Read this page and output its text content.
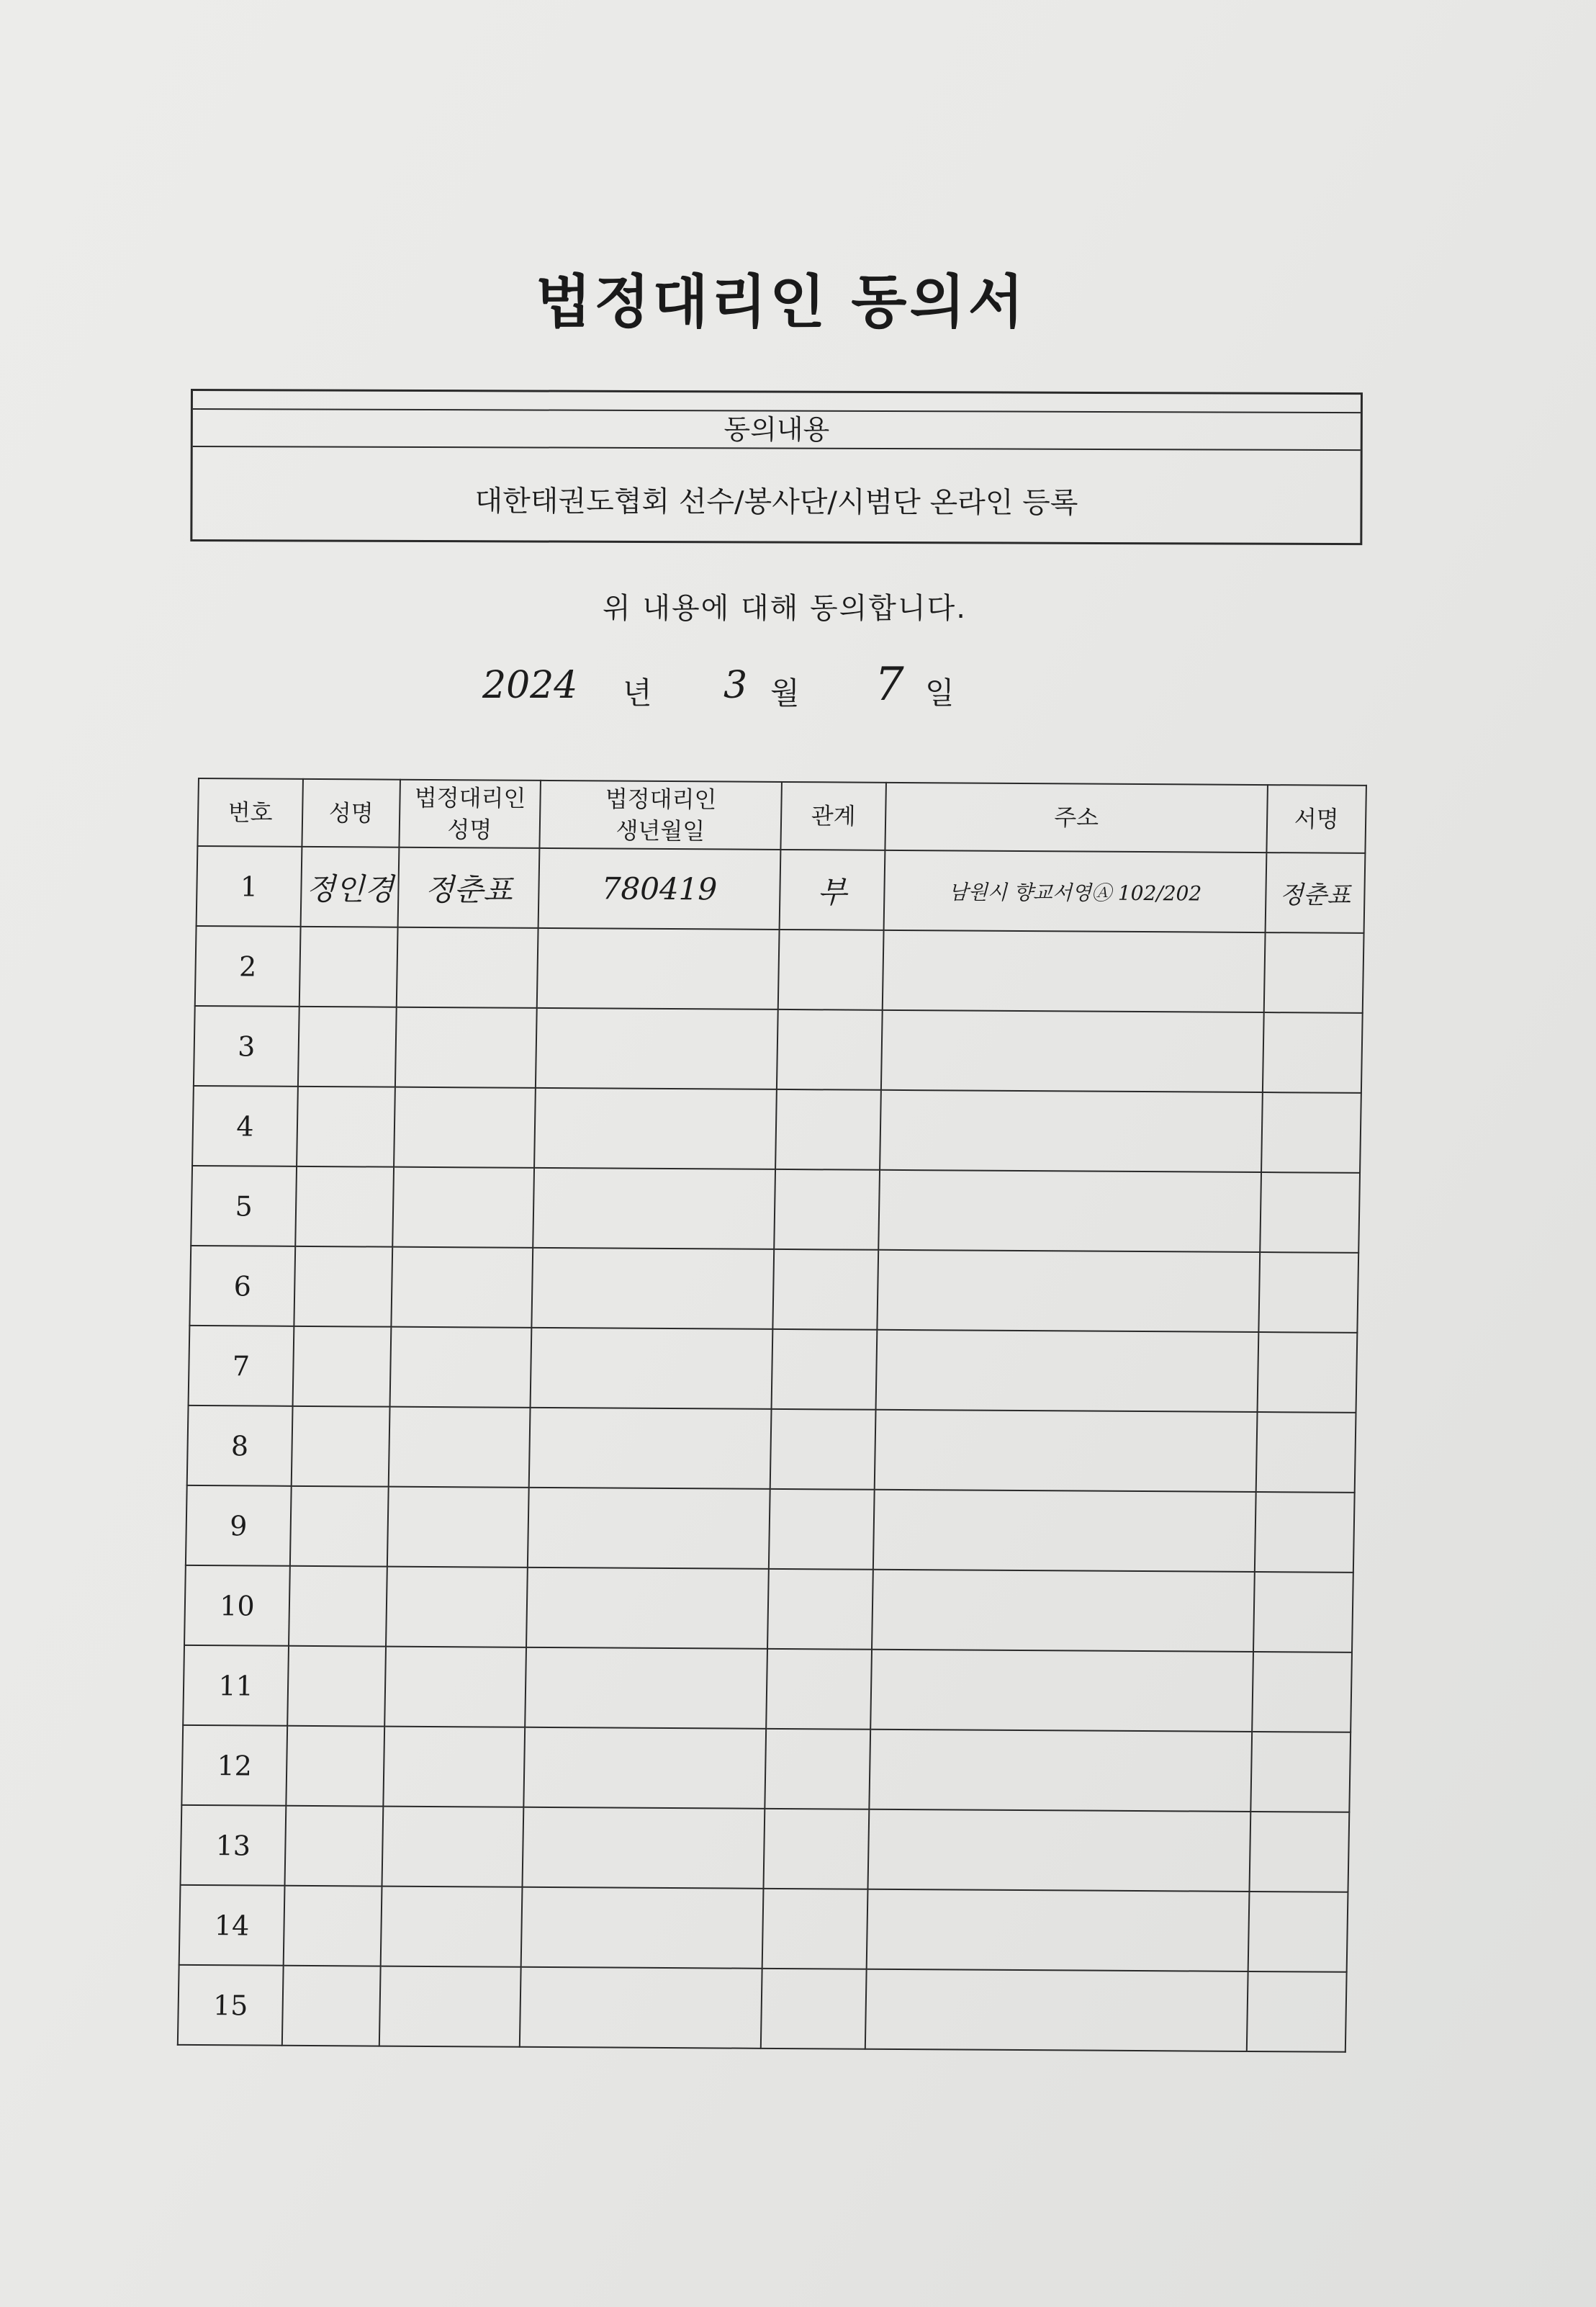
법정대리인 동의서
동의내용
대한태권도협회 선수/봉사단/시범단 온라인 등록
위 내용에 대해 동의합니다.
2024 년 3 월 7 일
번호	성명	법정대리인 성명	법정대리인 생년월일	관계	주소	서명
1	정인경	정춘표	780419	부	남원시 향교서영Ⓐ 102/202	정춘표
2						
3						
4						
5						
6						
7						
8						
9						
10						
11						
12						
13						
14						
15						
